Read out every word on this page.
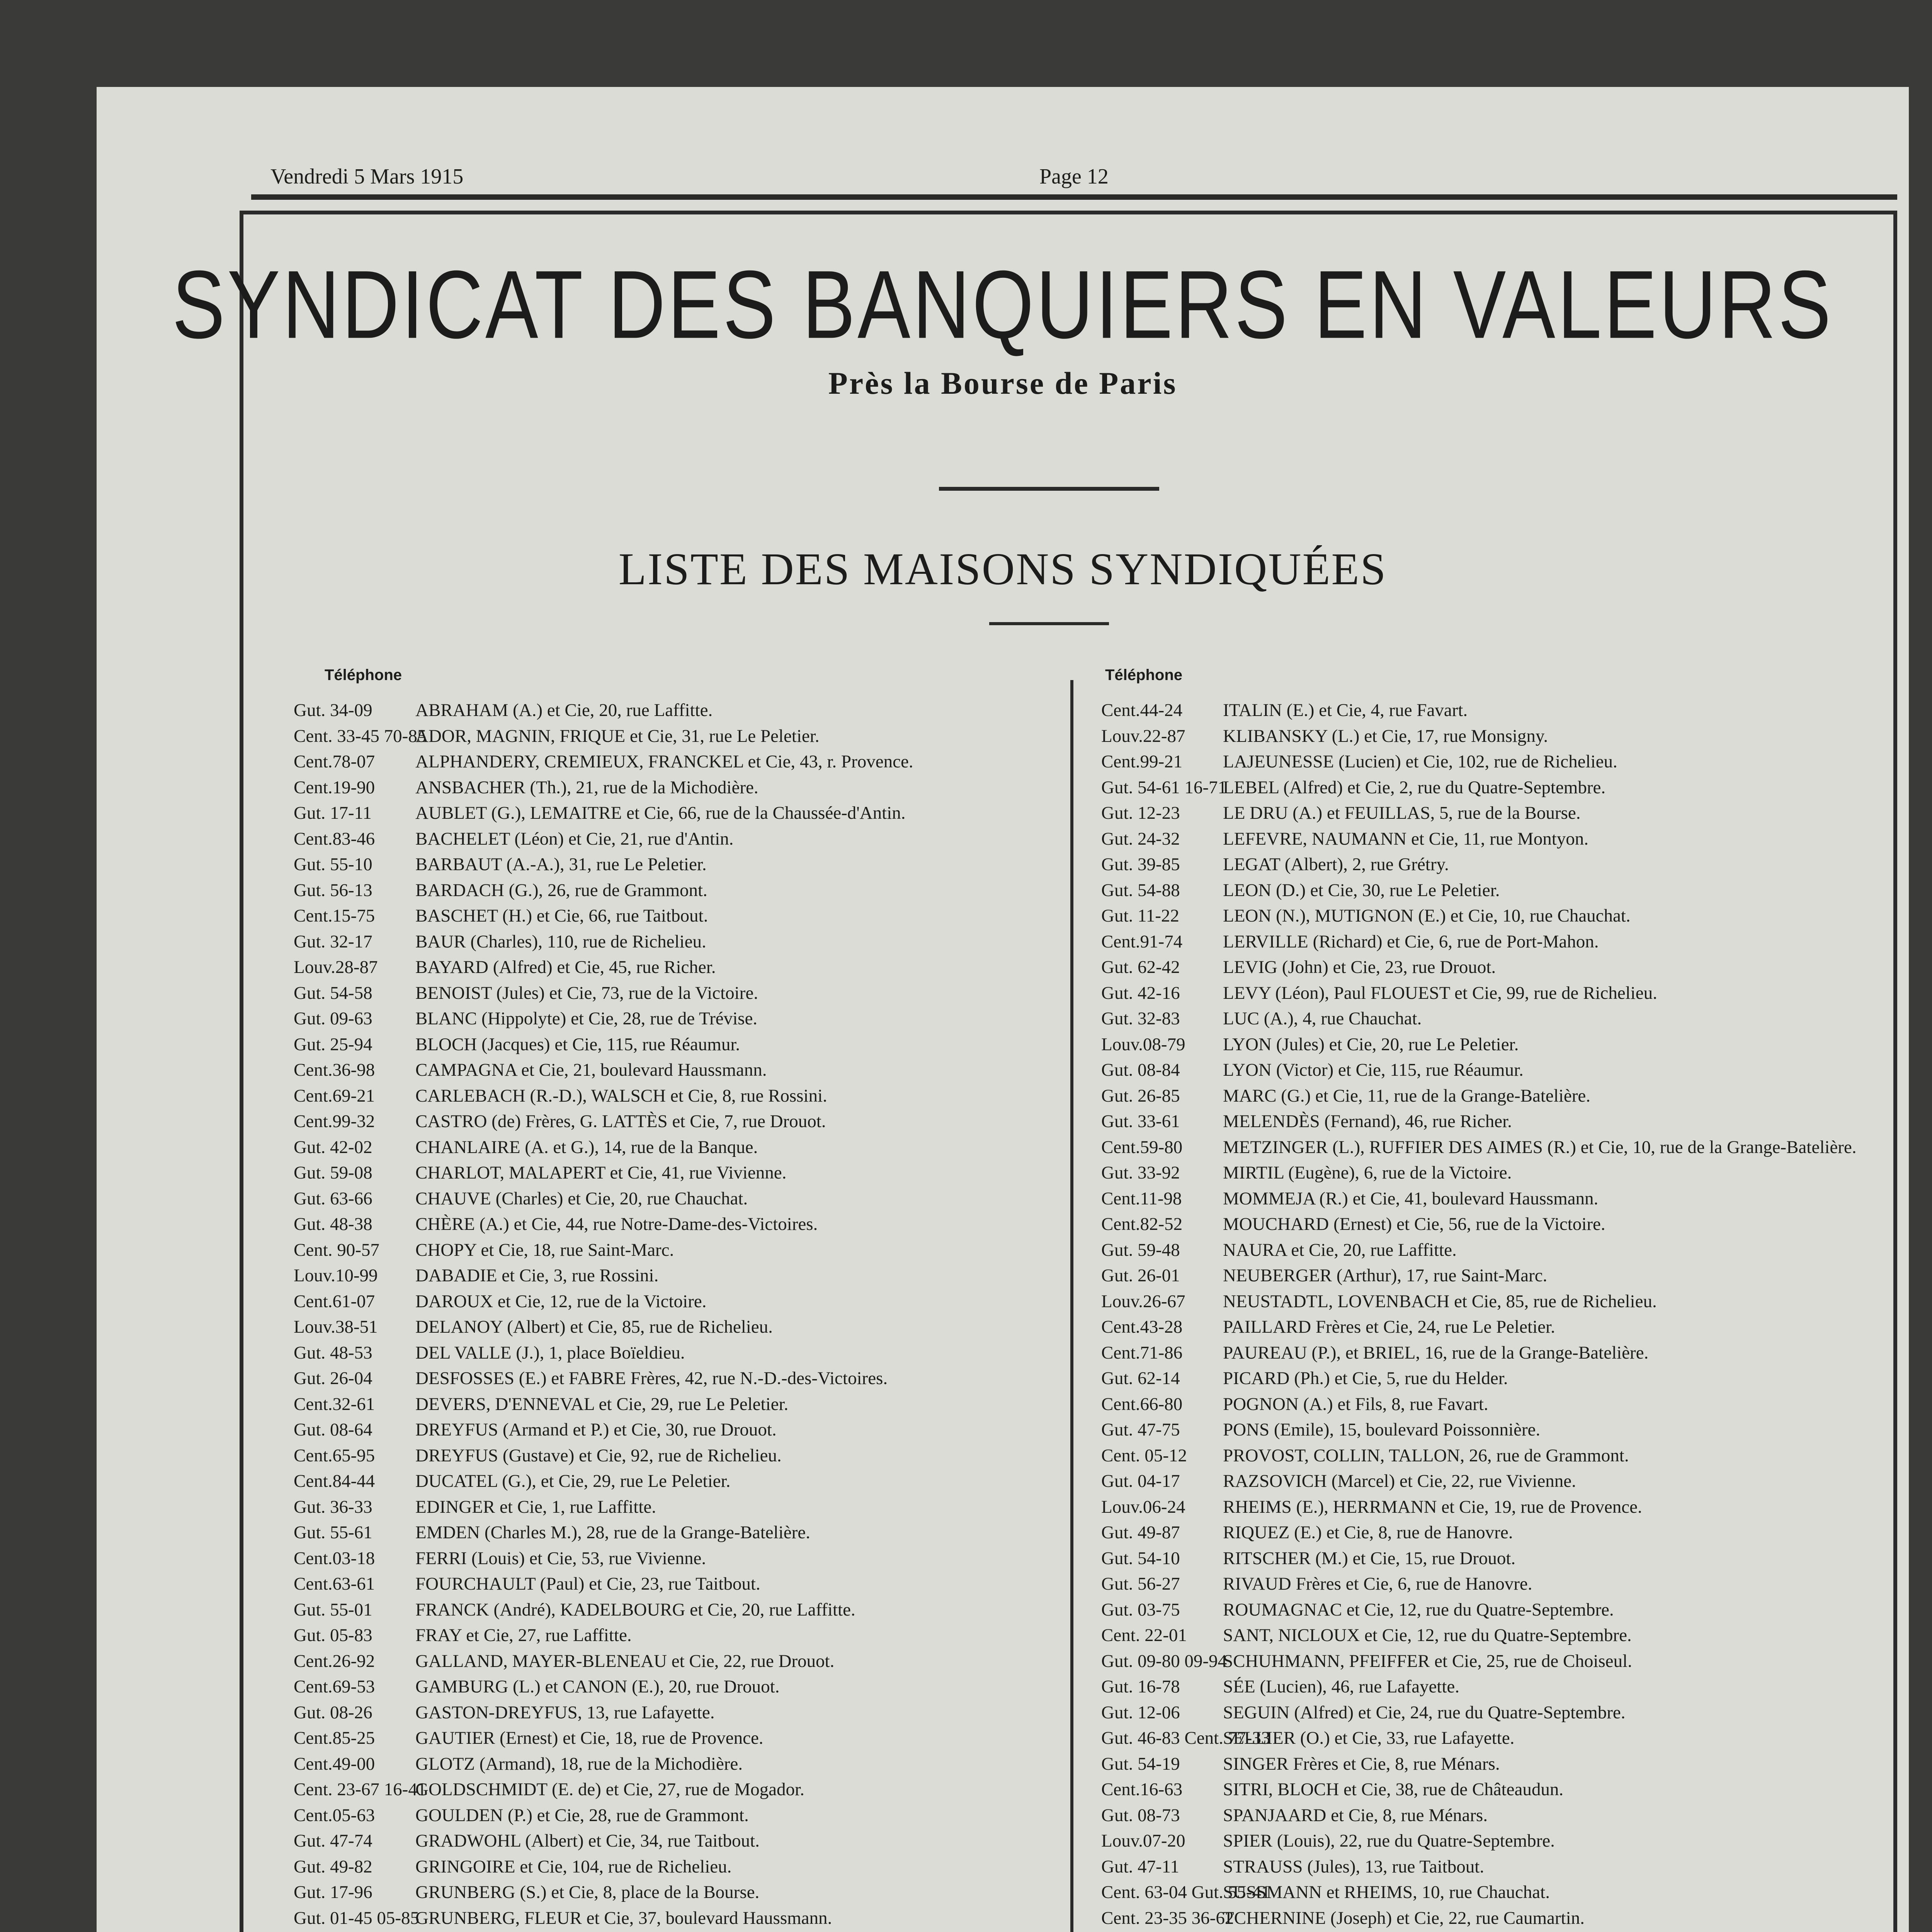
Vendredi 5 Mars 1915	Page 12
SYNDICAT DES BANQUIERS EN VALEURS
Près la Bourse de Paris
LISTE DES MAISONS SYNDIQUÉES
Téléphone	Téléphone
Gut. 34-09 ABRAHAM (A.) et Cie, 20, rue Laffitte.
Cent. 33-45 70-85ADOR, MAGNIN, FRIQUE et Cie, 31, rue Le Peletier.
Cent.78-07 ALPHANDERY, CREMIEUX, FRANCKEL et Cie, 43, r. Provence.
Cent.19-90 ANSBACHER (Th.), 21, rue de la Michodière.
Gut. 17-11 AUBLET (G.), LEMAITRE et Cie, 66, rue de la Chaussée-d'Antin.
Cent.83-46 BACHELET (Léon) et Cie, 21, rue d'Antin.
Gut. 55-10 BARBAUT (A.-A.), 31, rue Le Peletier.
Gut. 56-13 BARDACH (G.), 26, rue de Grammont.
Cent.15-75 BASCHET (H.) et Cie, 66, rue Taitbout.
Gut. 32-17 BAUR (Charles), 110, rue de Richelieu.
Louv.28-87 BAYARD (Alfred) et Cie, 45, rue Richer.
Gut. 54-58 BENOIST (Jules) et Cie, 73, rue de la Victoire.
Gut. 09-63 BLANC (Hippolyte) et Cie, 28, rue de Trévise.
Gut. 25-94 BLOCH (Jacques) et Cie, 115, rue Réaumur.
Cent.36-98 CAMPAGNA et Cie, 21, boulevard Haussmann.
Cent.69-21 CARLEBACH (R.-D.), WALSCH et Cie, 8, rue Rossini.
Cent.99-32 CASTRO (de) Frères, G. LATTÈS et Cie, 7, rue Drouot.
Gut. 42-02 CHANLAIRE (A. et G.), 14, rue de la Banque.
Gut. 59-08 CHARLOT, MALAPERT et Cie, 41, rue Vivienne.
Gut. 63-66 CHAUVE (Charles) et Cie, 20, rue Chauchat.
Gut. 48-38 CHÈRE (A.) et Cie, 44, rue Notre-Dame-des-Victoires.
Cent. 90-57 CHOPY et Cie, 18, rue Saint-Marc.
Louv.10-99 DABADIE et Cie, 3, rue Rossini.
Cent.61-07 DAROUX et Cie, 12, rue de la Victoire.
Louv.38-51 DELANOY (Albert) et Cie, 85, rue de Richelieu.
Gut. 48-53 DEL VALLE (J.), 1, place Boïeldieu.
Gut. 26-04 DESFOSSES (E.) et FABRE Frères, 42, rue N.-D.-des-Victoires.
Cent.32-61 DEVERS, D'ENNEVAL et Cie, 29, rue Le Peletier.
Gut. 08-64 DREYFUS (Armand et P.) et Cie, 30, rue Drouot.
Cent.65-95 DREYFUS (Gustave) et Cie, 92, rue de Richelieu.
Cent.84-44 DUCATEL (G.), et Cie, 29, rue Le Peletier.
Gut. 36-33 EDINGER et Cie, 1, rue Laffitte.
Gut. 55-61 EMDEN (Charles M.), 28, rue de la Grange-Batelière.
Cent.03-18 FERRI (Louis) et Cie, 53, rue Vivienne.
Cent.63-61 FOURCHAULT (Paul) et Cie, 23, rue Taitbout.
Gut. 55-01 FRANCK (André), KADELBOURG et Cie, 20, rue Laffitte.
Gut. 05-83 FRAY et Cie, 27, rue Laffitte.
Cent.26-92 GALLAND, MAYER-BLENEAU et Cie, 22, rue Drouot.
Cent.69-53 GAMBURG (L.) et CANON (E.), 20, rue Drouot.
Gut. 08-26 GASTON-DREYFUS, 13, rue Lafayette.
Cent.85-25 GAUTIER (Ernest) et Cie, 18, rue de Provence.
Cent.49-00 GLOTZ (Armand), 18, rue de la Michodière.
Cent. 23-67 16-41GOLDSCHMIDT (E. de) et Cie, 27, rue de Mogador.
Cent.05-63 GOULDEN (P.) et Cie, 28, rue de Grammont.
Gut. 47-74 GRADWOHL (Albert) et Cie, 34, rue Taitbout.
Gut. 49-82 GRINGOIRE et Cie, 104, rue de Richelieu.
Gut. 17-96 GRUNBERG (S.) et Cie, 8, place de la Bourse.
Gut. 01-45 05-85GRUNBERG, FLEUR et Cie, 37, boulevard Haussmann.
Cent.44-24 ITALIN (E.) et Cie, 4, rue Favart.
Louv.22-87 KLIBANSKY (L.) et Cie, 17, rue Monsigny.
Cent.99-21 LAJEUNESSE (Lucien) et Cie, 102, rue de Richelieu.
Gut. 54-61 16-71LEBEL (Alfred) et Cie, 2, rue du Quatre-Septembre.
Gut. 12-23 LE DRU (A.) et FEUILLAS, 5, rue de la Bourse.
Gut. 24-32 LEFEVRE, NAUMANN et Cie, 11, rue Montyon.
Gut. 39-85 LEGAT (Albert), 2, rue Grétry.
Gut. 54-88 LEON (D.) et Cie, 30, rue Le Peletier.
Gut. 11-22 LEON (N.), MUTIGNON (E.) et Cie, 10, rue Chauchat.
Cent.91-74 LERVILLE (Richard) et Cie, 6, rue de Port-Mahon.
Gut. 62-42 LEVIG (John) et Cie, 23, rue Drouot.
Gut. 42-16 LEVY (Léon), Paul FLOUEST et Cie, 99, rue de Richelieu.
Gut. 32-83 LUC (A.), 4, rue Chauchat.
Louv.08-79 LYON (Jules) et Cie, 20, rue Le Peletier.
Gut. 08-84 LYON (Victor) et Cie, 115, rue Réaumur.
Gut. 26-85 MARC (G.) et Cie, 11, rue de la Grange-Batelière.
Gut. 33-61 MELENDÈS (Fernand), 46, rue Richer.
Cent.59-80 METZINGER (L.), RUFFIER DES AIMES (R.) et Cie, 10, rue de la Grange-Batelière.
Gut. 33-92 MIRTIL (Eugène), 6, rue de la Victoire.
Cent.11-98 MOMMEJA (R.) et Cie, 41, boulevard Haussmann.
Cent.82-52 MOUCHARD (Ernest) et Cie, 56, rue de la Victoire.
Gut. 59-48 NAURA et Cie, 20, rue Laffitte.
Gut. 26-01 NEUBERGER (Arthur), 17, rue Saint-Marc.
Louv.26-67 NEUSTADTL, LOVENBACH et Cie, 85, rue de Richelieu.
Cent.43-28 PAILLARD Frères et Cie, 24, rue Le Peletier.
Cent.71-86 PAUREAU (P.), et BRIEL, 16, rue de la Grange-Batelière.
Gut. 62-14 PICARD (Ph.) et Cie, 5, rue du Helder.
Cent.66-80 POGNON (A.) et Fils, 8, rue Favart.
Gut. 47-75 PONS (Emile), 15, boulevard Poissonnière.
Cent. 05-12 PROVOST, COLLIN, TALLON, 26, rue de Grammont.
Gut. 04-17 RAZSOVICH (Marcel) et Cie, 22, rue Vivienne.
Louv.06-24 RHEIMS (E.), HERRMANN et Cie, 19, rue de Provence.
Gut. 49-87 RIQUEZ (E.) et Cie, 8, rue de Hanovre.
Gut. 54-10 RITSCHER (M.) et Cie, 15, rue Drouot.
Gut. 56-27 RIVAUD Frères et Cie, 6, rue de Hanovre.
Gut. 03-75 ROUMAGNAC et Cie, 12, rue du Quatre-Septembre.
Cent. 22-01 SANT, NICLOUX et Cie, 12, rue du Quatre-Septembre.
Gut. 09-80 09-94SCHUHMANN, PFEIFFER et Cie, 25, rue de Choiseul.
Gut. 16-78 SÉE (Lucien), 46, rue Lafayette.
Gut. 12-06 SEGUIN (Alfred) et Cie, 24, rue du Quatre-Septembre.
Gut. 46-83 Cent. 77-33SELLIER (O.) et Cie, 33, rue Lafayette.
Gut. 54-19 SINGER Frères et Cie, 8, rue Ménars.
Cent.16-63 SITRI, BLOCH et Cie, 38, rue de Châteaudun.
Gut. 08-73 SPANJAARD et Cie, 8, rue Ménars.
Louv.07-20 SPIER (Louis), 22, rue du Quatre-Septembre.
Gut. 47-11 STRAUSS (Jules), 13, rue Taitbout.
Cent. 63-04 Gut. 55-41SUSSMANN et RHEIMS, 10, rue Chauchat.
Cent. 23-35 36-62TCHERNINE (Joseph) et Cie, 22, rue Caumartin.
